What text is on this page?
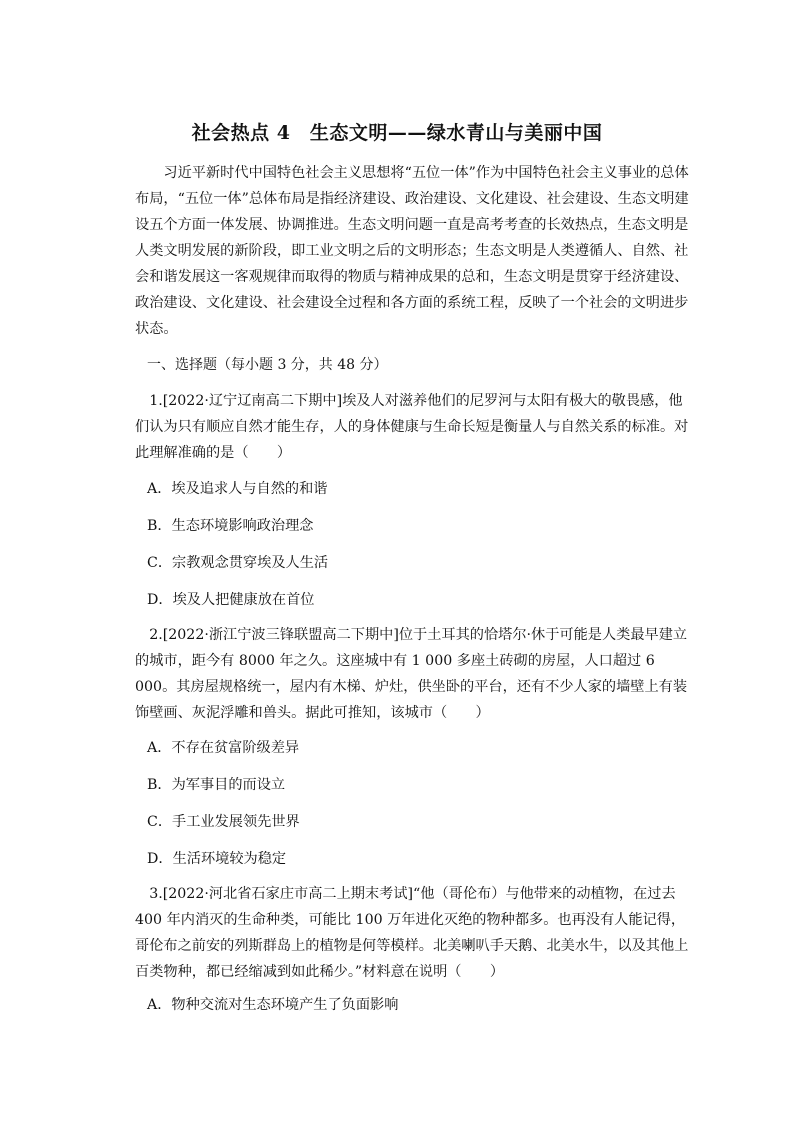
社会热点 4　生态文明——绿水青山与美丽中国

习近平新时代中国特色社会主义思想将“五位一体”作为中国特色社会主义事业的总体布局，“五位一体”总体布局是指经济建设、政治建设、文化建设、社会建设、生态文明建设五个方面一体发展、协调推进。生态文明问题一直是高考考查的长效热点，生态文明是人类文明发展的新阶段，即工业文明之后的文明形态；生态文明是人类遵循人、自然、社会和谐发展这一客观规律而取得的物质与精神成果的总和，生态文明是贯穿于经济建设、政治建设、文化建设、社会建设全过程和各方面的系统工程，反映了一个社会的文明进步状态。

一、选择题（每小题 3 分，共 48 分）

1.[2022·辽宁辽南高二下期中]埃及人对滋养他们的尼罗河与太阳有极大的敬畏感，他们认为只有顺应自然才能生存，人的身体健康与生命长短是衡量人与自然关系的标准。对此理解准确的是（　　）

A．埃及追求人与自然的和谐
B．生态环境影响政治理念
C．宗教观念贯穿埃及人生活
D．埃及人把健康放在首位

2.[2022·浙江宁波三锋联盟高二下期中]位于土耳其的恰塔尔·休于可能是人类最早建立的城市，距今有 8000 年之久。这座城中有 1 000 多座土砖砌的房屋，人口超过 6 000。其房屋规格统一，屋内有木梯、炉灶，供坐卧的平台，还有不少人家的墙壁上有装饰壁画、灰泥浮雕和兽头。据此可推知，该城市（　　）

A．不存在贫富阶级差异
B．为军事目的而设立
C．手工业发展领先世界
D．生活环境较为稳定

3.[2022·河北省石家庄市高二上期末考试]“他（哥伦布）与他带来的动植物，在过去 400 年内消灭的生命种类，可能比 100 万年进化灭绝的物种都多。也再没有人能记得，哥伦布之前安的列斯群岛上的植物是何等模样。北美喇叭手天鹅、北美水牛，以及其他上百类物种，都已经缩减到如此稀少。”材料意在说明（　　）

A．物种交流对生态环境产生了负面影响
